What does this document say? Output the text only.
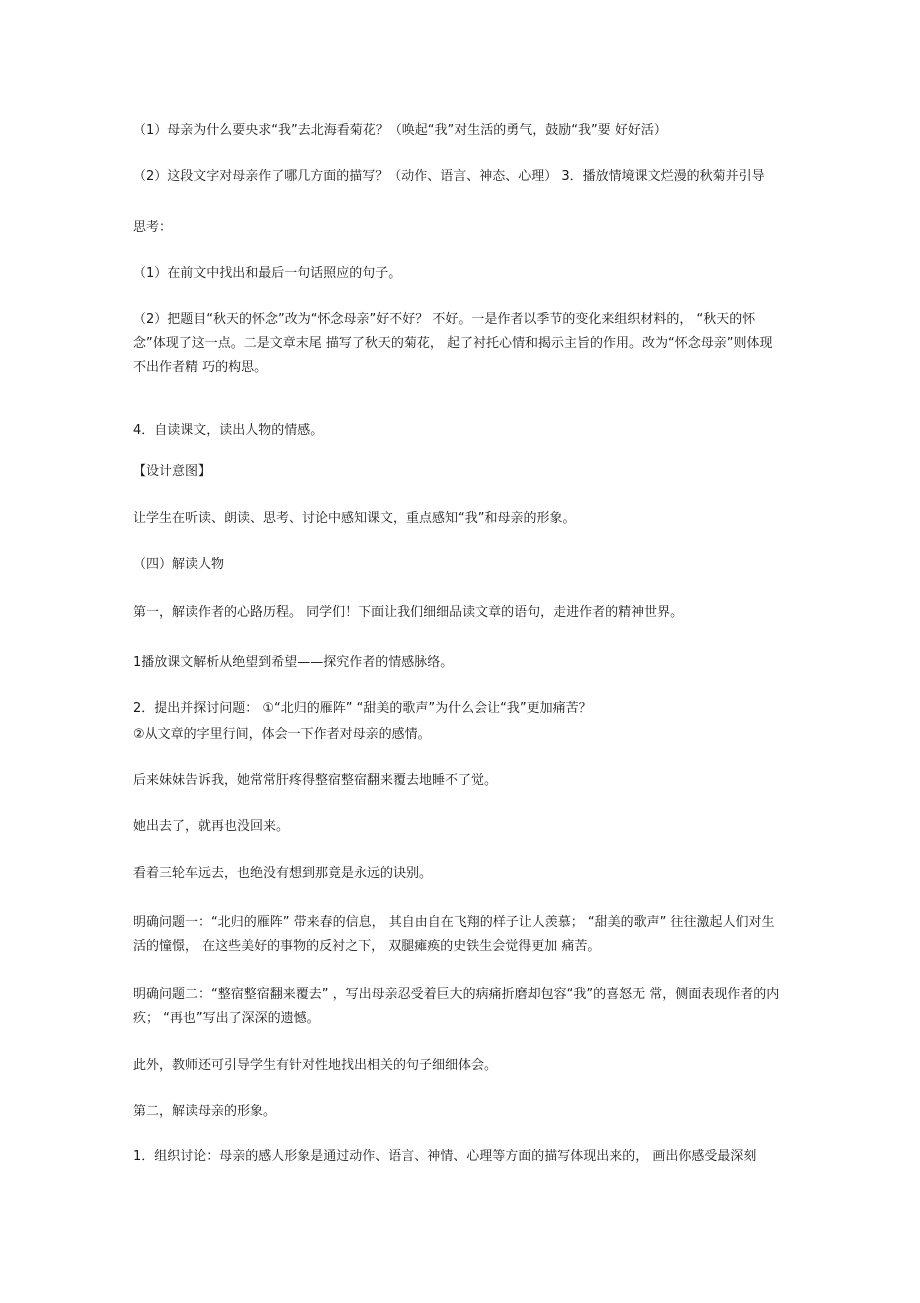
（1）母亲为什么要央求“我”去北海看菊花？（唤起“我”对生活的勇气，鼓励“我”要 好好活）
（2）这段文字对母亲作了哪几方面的描写？（动作、语言、神态、心理） 3．播放情境课文烂漫的秋菊并引导
思考：
（1）在前文中找出和最后一句话照应的句子。
（2）把题目“秋天的怀念”改为“怀念母亲”好不好？ 不好。一是作者以季节的变化来组织材料的， “秋天的怀念”体现了这一点。二是文章末尾 描写了秋天的菊花， 起了衬托心情和揭示主旨的作用。改为“怀念母亲”则体现不出作者精 巧的构思。
4．自读课文，读出人物的情感。
【设计意图】
让学生在听读、朗读、思考、讨论中感知课文，重点感知“我”和母亲的形象。
（四）解读人物
第一，解读作者的心路历程。 同学们！下面让我们细细品读文章的语句，走进作者的精神世界。
1播放课文解析从绝望到希望——探究作者的情感脉络。
2．提出并探讨问题： ①“北归的雁阵” “甜美的歌声”为什么会让“我”更加痛苦？
②从文章的字里行间，体会一下作者对母亲的感情。
后来妹妹告诉我，她常常肝疼得整宿整宿翻来覆去地睡不了觉。
她出去了，就再也没回来。
看着三轮车远去，也绝没有想到那竟是永远的诀别。
明确问题一：“北归的雁阵” 带来春的信息， 其自由自在飞翔的样子让人羡慕； “甜美的歌声” 往往激起人们对生活的憧憬， 在这些美好的事物的反衬之下， 双腿瘫痪的史铁生会觉得更加 痛苦。
明确问题二：“整宿整宿翻来覆去” ，写出母亲忍受着巨大的病痛折磨却包容“我”的喜怒无 常，侧面表现作者的内疚； “再也”写出了深深的遗憾。
此外，教师还可引导学生有针对性地找出相关的句子细细体会。
第二，解读母亲的形象。
1．组织讨论：母亲的感人形象是通过动作、语言、神情、心理等方面的描写体现出来的， 画出你感受最深刻
